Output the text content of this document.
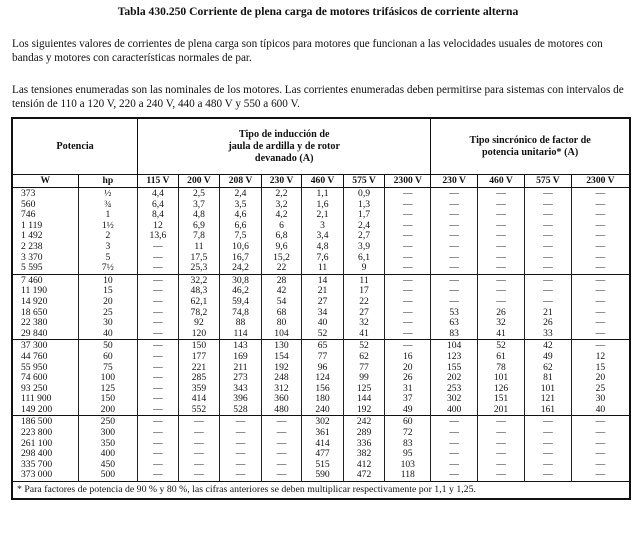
Tabla 430.250 Corriente de plena carga de motores trifásicos de corriente alterna
Los siguientes valores de corrientes de plena carga son típicos para motores que funcionan a las velocidades usuales de motores con bandas y motores con características normales de par.
Las tensiones enumeradas son las nominales de los motores. Las corrientes enumeradas deben permitirse para sistemas con intervalos de tensión de 110 a 120 V, 220 a 240 V, 440 a 480 V y 550 a 600 V.
Potencia		Tipo de inducción de jaula de ardilla y de rotor devanado (A)							Tipo sincrónico de factor de potencia unitario* (A)			
W	hp	115 V	200 V	208 V	230 V	460 V	575 V	2300 V	230 V	460 V	575 V	2300 V
373	½	4,4	2,5	2,4	2,2	1,1	0,9	—	—	—	—	—
560	¾	6,4	3,7	3,5	3,2	1,6	1,3	—	—	—	—	—
746	1	8,4	4,8	4,6	4,2	2,1	1,7	—	—	—	—	—
1 119	1½	12	6,9	6,6	6	3	2,4	—	—	—	—	—
1 492	2	13,6	7,8	7,5	6,8	3,4	2,7	—	—	—	—	—
2 238	3	—	11	10,6	9,6	4,8	3,9	—	—	—	—	—
3 370	5	—	17,5	16,7	15,2	7,6	6,1	—	—	—	—	—
5 595	7½	—	25,3	24,2	22	11	9	—	—	—	—	—
7 460	10	—	32,2	30,8	28	14	11	—	—	—	—	—
11 190	15	—	48,3	46,2	42	21	17	—	—	—	—	—
14 920	20	—	62,1	59,4	54	27	22	—	—	—	—	—
18 650	25	—	78,2	74,8	68	34	27	—	53	26	21	—
22 380	30	—	92	88	80	40	32	—	63	32	26	—
29 840	40	—	120	114	104	52	41	—	83	41	33	—
37 300	50	—	150	143	130	65	52	—	104	52	42	—
44 760	60	—	177	169	154	77	62	16	123	61	49	12
55 950	75	—	221	211	192	96	77	20	155	78	62	15
74 600	100	—	285	273	248	124	99	26	202	101	81	20
93 250	125	—	359	343	312	156	125	31	253	126	101	25
111 900	150	—	414	396	360	180	144	37	302	151	121	30
149 200	200	—	552	528	480	240	192	49	400	201	161	40
186 500	250	—	—	—	—	302	242	60	—	—	—	—
223 800	300	—	—	—	—	361	289	72	—	—	—	—
261 100	350	—	—	—	—	414	336	83	—	—	—	—
298 400	400	—	—	—	—	477	382	95	—	—	—	—
335 700	450	—	—	—	—	515	412	103	—	—	—	—
373 000	500	—	—	—	—	590	472	118	—	—	—	—
* Para factores de potencia de 90 % y 80 %, las cifras anteriores se deben multiplicar respectivamente por 1,1 y 1,25.												
